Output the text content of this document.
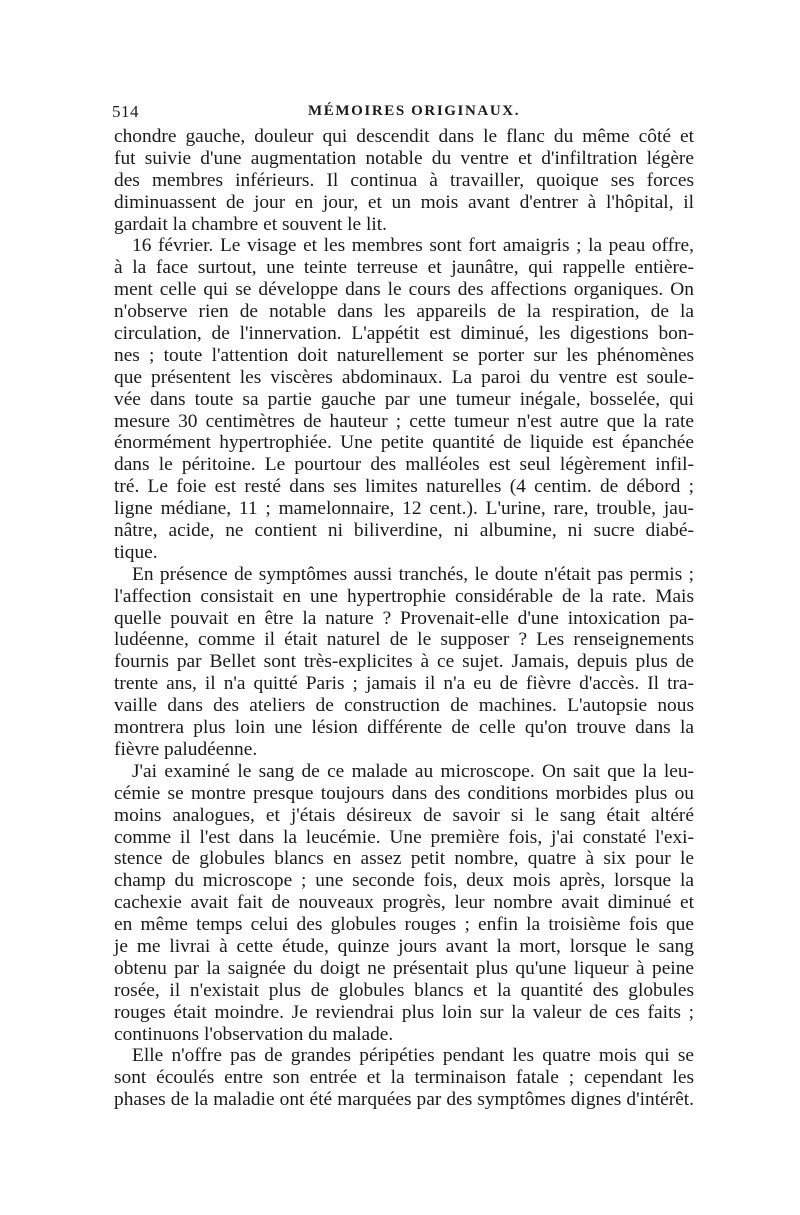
514	MÉMOIRES ORIGINAUX.
chondre gauche, douleur qui descendit dans le flanc du même côté et
fut suivie d'une augmentation notable du ventre et d'infiltration légère
des membres inférieurs. Il continua à travailler, quoique ses forces
diminuassent de jour en jour, et un mois avant d'entrer à l'hôpital, il
gardait la chambre et souvent le lit.
16 février. Le visage et les membres sont fort amaigris ; la peau offre,
à la face surtout, une teinte terreuse et jaunâtre, qui rappelle entière-
ment celle qui se développe dans le cours des affections organiques. On
n'observe rien de notable dans les appareils de la respiration, de la
circulation, de l'innervation. L'appétit est diminué, les digestions bon-
nes ; toute l'attention doit naturellement se porter sur les phénomènes
que présentent les viscères abdominaux. La paroi du ventre est soule-
vée dans toute sa partie gauche par une tumeur inégale, bosselée, qui
mesure 30 centimètres de hauteur ; cette tumeur n'est autre que la rate
énormément hypertrophiée. Une petite quantité de liquide est épanchée
dans le péritoine. Le pourtour des malléoles est seul légèrement infil-
tré. Le foie est resté dans ses limites naturelles (4 centim. de débord ;
ligne médiane, 11 ; mamelonnaire, 12 cent.). L'urine, rare, trouble, jau-
nâtre, acide, ne contient ni biliverdine, ni albumine, ni sucre diabé-
tique.
En présence de symptômes aussi tranchés, le doute n'était pas permis ;
l'affection consistait en une hypertrophie considérable de la rate. Mais
quelle pouvait en être la nature ? Provenait-elle d'une intoxication pa-
ludéenne, comme il était naturel de le supposer ? Les renseignements
fournis par Bellet sont très-explicites à ce sujet. Jamais, depuis plus de
trente ans, il n'a quitté Paris ; jamais il n'a eu de fièvre d'accès. Il tra-
vaille dans des ateliers de construction de machines. L'autopsie nous
montrera plus loin une lésion différente de celle qu'on trouve dans la
fièvre paludéenne.
J'ai examiné le sang de ce malade au microscope. On sait que la leu-
cémie se montre presque toujours dans des conditions morbides plus ou
moins analogues, et j'étais désireux de savoir si le sang était altéré
comme il l'est dans la leucémie. Une première fois, j'ai constaté l'exi-
stence de globules blancs en assez petit nombre, quatre à six pour le
champ du microscope ; une seconde fois, deux mois après, lorsque la
cachexie avait fait de nouveaux progrès, leur nombre avait diminué et
en même temps celui des globules rouges ; enfin la troisième fois que
je me livrai à cette étude, quinze jours avant la mort, lorsque le sang
obtenu par la saignée du doigt ne présentait plus qu'une liqueur à peine
rosée, il n'existait plus de globules blancs et la quantité des globules
rouges était moindre. Je reviendrai plus loin sur la valeur de ces faits ;
continuons l'observation du malade.
Elle n'offre pas de grandes péripéties pendant les quatre mois qui se
sont écoulés entre son entrée et la terminaison fatale ; cependant les
phases de la maladie ont été marquées par des symptômes dignes d'intérêt.
